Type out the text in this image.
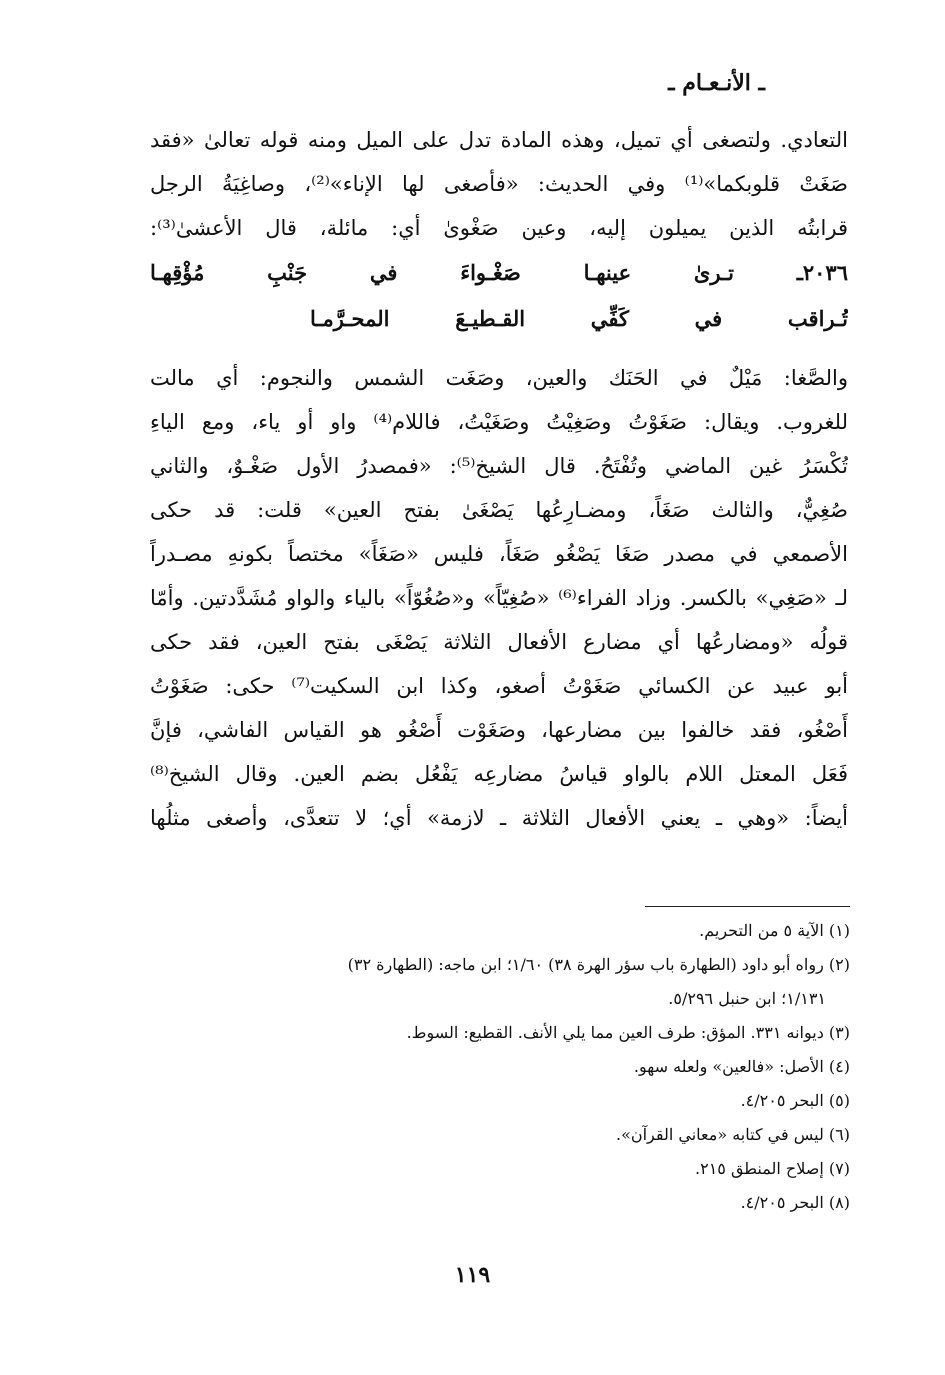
ـ الأنـعـام ـ
التعادي. ولتصغى أي تميل، وهذه المادة تدل على الميل ومنه قوله تعالىٰ «فقد
صَغَتْ قلوبكما»⁽¹⁾ وفي الحديث: «فأصغى لها الإناء»⁽²⁾، وصاغِيَةُ الرجل
قرابتُه الذين يميلون إليه، وعين صَغْوىٰ أي: مائلة، قال الأعشىٰ⁽³⁾:
٢٠٣٦ـ تـرىٰ عينهـا صَغْـواءَ في جَنْبِ مُؤْقِهـا
تُـراقب في كَفِّي القـطيـعَ المحـرَّمـا
والصَّغا: مَيْلٌ في الحَنَك والعين، وصَغَت الشمس والنجوم: أي مالت
للغروب. ويقال: صَغَوْتُ وصَغِيْتُ وصَغَيْتُ، فاللام⁽⁴⁾ واو أو ياء، ومع الياءِ
تُكْسَرُ غين الماضي وتُفْتَحُ. قال الشيخ⁽⁵⁾: «فمصدرُ الأول صَغْـوٌ، والثاني
صُغِيٌّ، والثالث صَغَاً، ومضـارِعُها يَصْغَىٰ بفتح العين» قلت: قد حكى
الأصمعي في مصدر صَغَا يَصْغُو صَغَاً، فليس «صَغَاً» مختصاً بكونهِ مصـدراً
لـ «صَغِي» بالكسر. وزاد الفراء⁽⁶⁾ «صُغِيّاً» و«صُغُوّاً» بالياء والواو مُشَدَّدتين. وأمّا
قولُه «ومضارعُها أي مضارع الأفعال الثلاثة يَصْغَى بفتح العين، فقد حكى
أبو عبيد عن الكسائي صَغَوْتُ أصغو، وكذا ابن السكيت⁽⁷⁾ حكى: صَغَوْتُ
أَصْغُو، فقد خالفوا بين مضارعها، وصَغَوْت أَصْغُو هو القياس الفاشي، فإنَّ
فَعَل المعتل اللام بالواو قياسُ مضارعِه يَفْعُل بضم العين. وقال الشيخ⁽⁸⁾
أيضاً: «وهي ـ يعني الأفعال الثلاثة ـ لازمة» أي؛ لا تتعدَّى، وأصغى مثلُها
(١) الآية ٥ من التحريم.
(٢) رواه أبو داود (الطهارة باب سؤر الهرة ٣٨) ١/٦٠؛ ابن ماجه: (الطهارة ٣٢)
١/١٣١؛ ابن حنبل ٥/٢٩٦.
(٣) ديوانه ٣٣١. المؤق: طرف العين مما يلي الأنف. القطيع: السوط.
(٤) الأصل: «فالعين» ولعله سهو.
(٥) البحر ٤/٢٠٥.
(٦) ليس في كتابه «معاني القرآن».
(٧) إصلاح المنطق ٢١٥.
(٨) البحر ٤/٢٠٥.
١١٩
